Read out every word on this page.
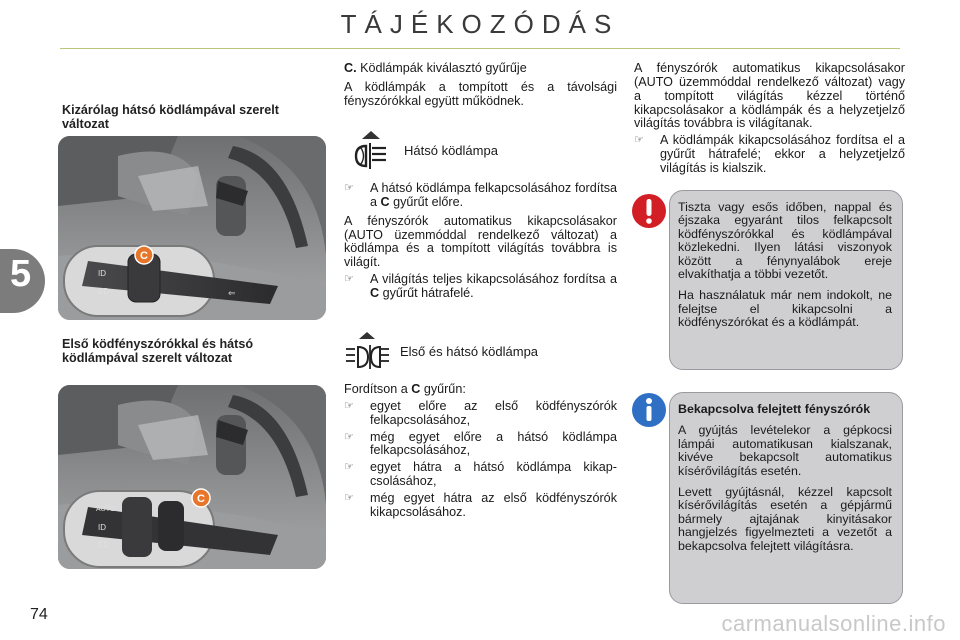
TÁJÉKOZÓDÁS
5
74
Kizárólag hátsó ködlámpával szerelt változat
ID
ED	⇐
C
Első ködfényszórókkal és hátsó ködlámpával szerelt változat
AUTO
ID
ED
C

C. Ködlámpák kiválasztó gyűrűje

A ködlámpák a tompított és a távolsági fényszórókkal együtt működnek.

Hátsó ködlámpa
☞ A hátsó ködlámpa felkapcsolásához fordítsa a C gyűrűt előre.

A fényszórók automatikus kikapcsolásakor (AUTO üzemmóddal rendelkező változat) a ködlámpa és a tompított világítás továbbra is világít.

☞ A világítás teljes kikapcsolásához fordítsa a C gyűrűt hátrafelé.
Első és hátsó ködlámpa

Fordítson a C gyűrűn:

☞ egyet előre az első ködfényszórók felkapcsolásához,
☞ még egyet előre a hátsó ködlámpa felkapcsolásához,
☞ egyet hátra a hátsó ködlámpa kikapcsolásához,
☞ még egyet hátra az első ködfényszórók kikapcsolásához.

A fényszórók automatikus kikapcsolásakor (AUTO üzemmóddal rendelkező változat) vagy a tompított világítás kézzel történő kikapcsolásakor a ködlámpák és a helyzetjelző világítás továbbra is világítanak.

☞ A ködlámpák kikapcsolásához fordítsa el a gyűrűt hátrafelé; ekkor a helyzetjelző világítás is kialszik.

Tiszta vagy esős időben, nappal és éjszaka egyaránt tilos felkapcsolt ködfényszórókkal és ködlámpával közlekedni. Ilyen látási viszonyok között a fénynyalábok ereje elvakíthatja a többi vezetőt.

Ha használatuk már nem indokolt, ne felejtse el kikapcsolni a ködfényszórókat és a ködlámpát.

Bekapcsolva felejtett fényszórók

A gyújtás levételekor a gépkocsi lámpái automatikusan kialszanak, kivéve bekapcsolt automatikus kísérővilágítás esetén.

Levett gyújtásnál, kézzel kapcsolt kísérővilágítás esetén a gépjármű bármely ajtajának kinyitásakor hangjelzés figyelmezteti a vezetőt a bekapcsolva felejtett világításra.

carmanualsonline.info
